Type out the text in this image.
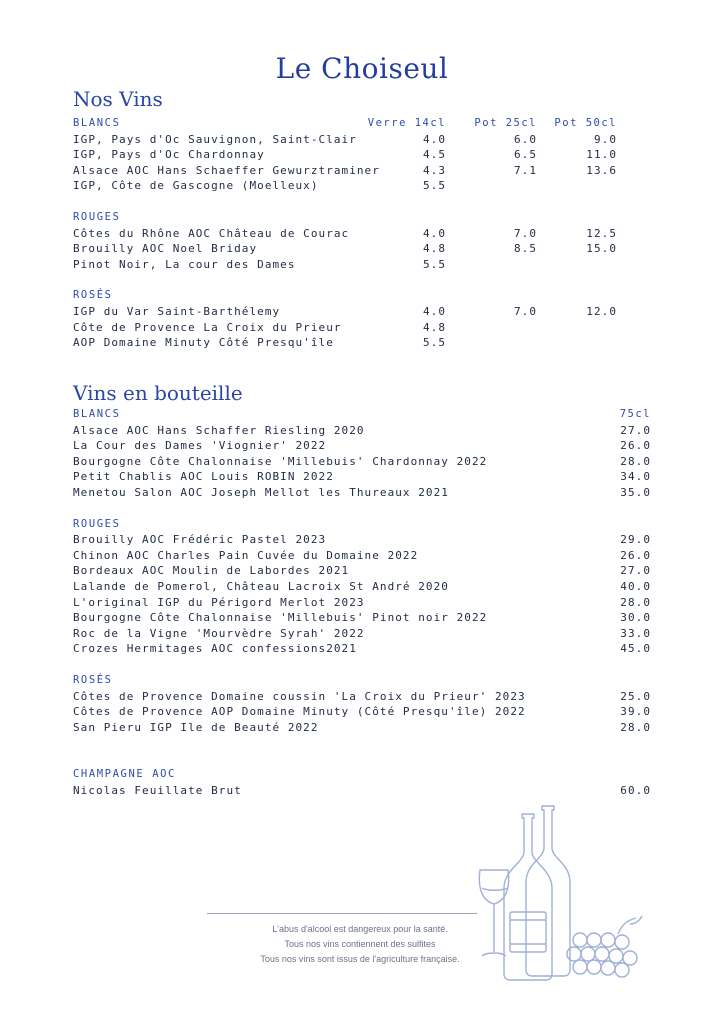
Le Choiseul
Nos Vins
BLANCS	Verre 14cl	Pot 25cl Pot 50cl
IGP, Pays d'Oc Sauvignon, Saint-Clair	4.0	6.0	9.0
IGP, Pays d'Oc Chardonnay	4.5	6.5	11.0
Alsace AOC Hans Schaeffer Gewurztraminer	4.3	7.1	13.6
IGP, Côte de Gascogne (Moelleux)	5.5
ROUGES
Côtes du Rhône AOC Château de Courac	4.0	7.0	12.5
Brouilly AOC Noel Briday	4.8	8.5	15.0
Pinot Noir, La cour des Dames	5.5
ROSÉS
IGP du Var Saint-Barthélemy	4.0	7.0	12.0
Côte de Provence La Croix du Prieur	4.8
AOP Domaine Minuty Côté Presqu'île	5.5
Vins en bouteille
BLANCS	75cl
Alsace AOC Hans Schaffer Riesling 2020	27.0
La Cour des Dames 'Viognier' 2022	26.0
Bourgogne Côte Chalonnaise 'Millebuis' Chardonnay 2022	28.0
Petit Chablis AOC Louis ROBIN 2022	34.0
Menetou Salon AOC Joseph Mellot les Thureaux 2021	35.0
ROUGES
Brouilly AOC Frédéric Pastel 2023	29.0
Chinon AOC Charles Pain Cuvée du Domaine 2022	26.0
Bordeaux AOC Moulin de Labordes 2021	27.0
Lalande de Pomerol, Château Lacroix St André 2020	40.0
L'original IGP du Périgord Merlot 2023	28.0
Bourgogne Côte Chalonnaise 'Millebuis' Pinot noir 2022	30.0
Roc de la Vigne 'Mourvèdre Syrah' 2022	33.0
Crozes Hermitages AOC confessions2021	45.0
ROSÉS
Côtes de Provence Domaine coussin 'La Croix du Prieur' 2023	25.0
Côtes de Provence AOP Domaine Minuty (Côté Presqu'île) 2022	39.0
San Pieru IGP Ile de Beauté 2022	28.0
CHAMPAGNE AOC
Nicolas Feuillate Brut	60.0
L'abus d'alcool est dangereux pour la santé.
Tous nos vins contiennent des sulfites
Tous nos vins sont issus de l'agriculture française.
